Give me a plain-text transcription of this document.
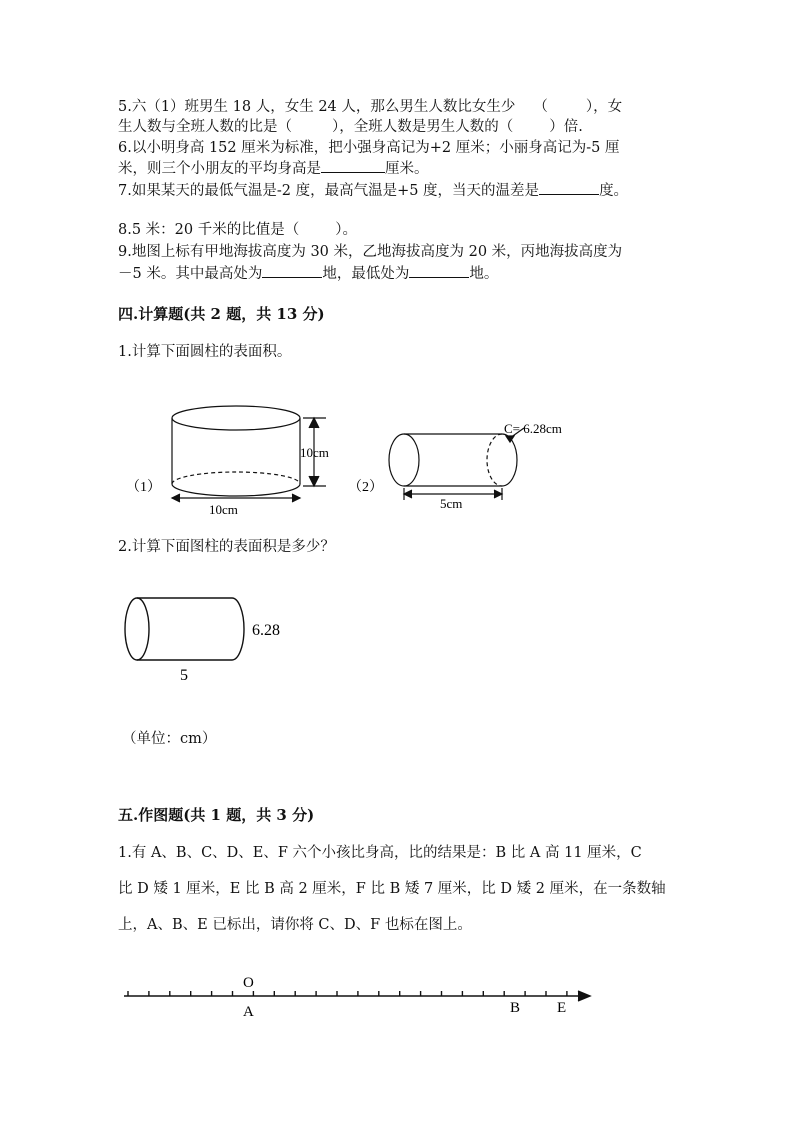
5.六（1）班男生 18 人，女生 24 人，那么男生人数比女生少 （	），女
生人数与全班人数的比是（	），全班人数是男生人数的（ ）倍.
6.以小明身高 152 厘米为标准，把小强身高记为+2 厘米；小丽身高记为-5 厘
米，则三个小朋友的平均身高是	厘米。
7.如果某天的最低气温是-2 度，最高气温是+5 度，当天的温差是	度。
8.5 米：20 千米的比值是（ ）。
9.地图上标有甲地海拔高度为 30 米，乙地海拔高度为 20 米，丙地海拔高度为
－5 米。其中最高处为	地，最低处为	地。
四.计算题(共 2 题，共 13 分)
1.计算下面圆柱的表面积。
（1）
10cm
10cm
（2）
C= 6.28cm
5cm
6.28
5
O
A	B E
2.计算下面图柱的表面积是多少？
（单位：cm）
五.作图题(共 1 题，共 3 分)
1.有 A、B、C、D、E、F 六个小孩比身高，比的结果是：B 比 A 高 11 厘米，C
比 D 矮 1 厘米，E 比 B 高 2 厘米，F 比 B 矮 7 厘米，比 D 矮 2 厘米，在一条数轴
上，A、B、E 已标出，请你将 C、D、F 也标在图上。
